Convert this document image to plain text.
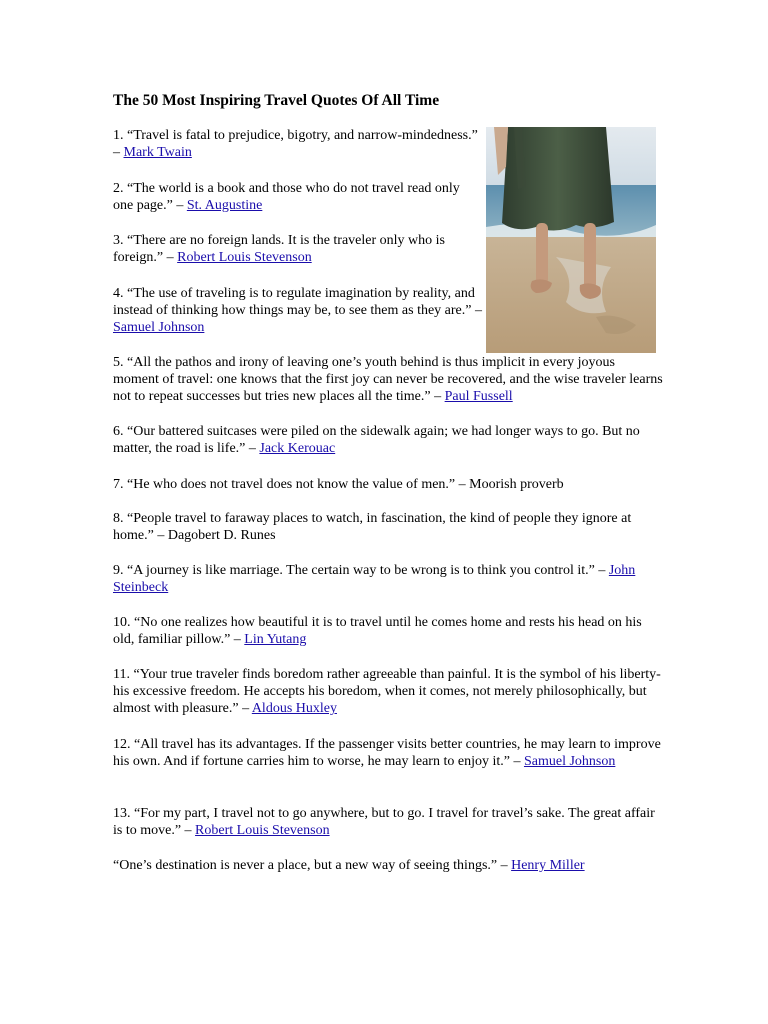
The 50 Most Inspiring Travel Quotes Of All Time

1. “Travel is fatal to prejudice, bigotry, and narrow-mindedness.” – Mark Twain

2. “The world is a book and those who do not travel read only one page.” – St. Augustine

3. “There are no foreign lands. It is the traveler only who is foreign.” – Robert Louis Stevenson

4. “The use of traveling is to regulate imagination by reality, and instead of thinking how things may be, to see them as they are.” – Samuel Johnson

5. “All the pathos and irony of leaving one’s youth behind is thus implicit in every joyous moment of travel: one knows that the first joy can never be recovered, and the wise traveler learns not to repeat successes but tries new places all the time.” – Paul Fussell

6. “Our battered suitcases were piled on the sidewalk again; we had longer ways to go. But no matter, the road is life.” – Jack Kerouac

7. “He who does not travel does not know the value of men.” – Moorish proverb

8. “People travel to faraway places to watch, in fascination, the kind of people they ignore at home.” – Dagobert D. Runes

9. “A journey is like marriage. The certain way to be wrong is to think you control it.” – John Steinbeck

10. “No one realizes how beautiful it is to travel until he comes home and rests his head on his old, familiar pillow.” – Lin Yutang

11. “Your true traveler finds boredom rather agreeable than painful. It is the symbol of his liberty-his excessive freedom. He accepts his boredom, when it comes, not merely philosophically, but almost with pleasure.” – Aldous Huxley

12. “All travel has its advantages. If the passenger visits better countries, he may learn to improve his own. And if fortune carries him to worse, he may learn to enjoy it.” – Samuel Johnson

13. “For my part, I travel not to go anywhere, but to go. I travel for travel’s sake. The great affair is to move.” – Robert Louis Stevenson

“One’s destination is never a place, but a new way of seeing things.” – Henry Miller
